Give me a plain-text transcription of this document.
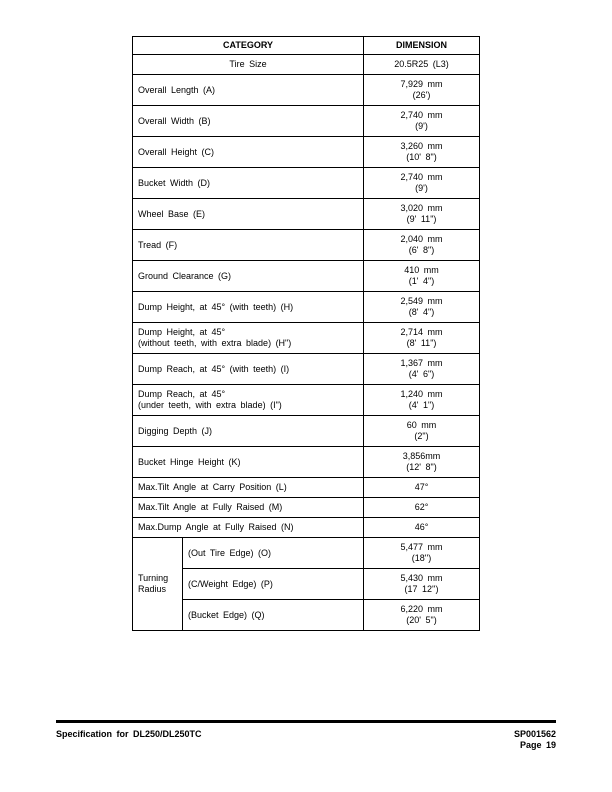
CATEGORY		DIMENSION
Tire Size		20.5R25 (L3)
Overall Length (A)		7,929 mm
(26')

Overall Width (B)		2,740 mm
(9')

Overall Height (C)		3,260 mm
(10' 8")

Bucket Width (D)		2,740 mm
(9')

Wheel Base (E)		3,020 mm
(9' 11")

Tread (F)		2,040 mm
(6' 8")

Ground Clearance (G)		410 mm
(1' 4")

Dump Height, at 45° (with teeth) (H)		2,549 mm
(8' 4")

Dump Height, at 45°
(without teeth, with extra blade) (H")		2,714 mm
(8' 11")

Dump Reach, at 45° (with teeth) (I)		1,367 mm
(4' 6")

Dump Reach, at 45°
(under teeth, with extra blade) (I")		1,240 mm
(4' 1")

Digging Depth (J)		60 mm
(2")

Bucket Hinge Height (K)		3,856mm
(12' 8")

Max.Tilt Angle at Carry Position (L)		47°
Max.Tilt Angle at Fully Raised (M)		62°
Max.Dump Angle at Fully Raised (N)		46°

Turning
Radius	(Out Tire Edge) (O)	5,477 mm
(18'')

	(C/Weight Edge) (P)	5,430 mm
(17 12'')

	(Bucket Edge) (Q)	6,220 mm
(20' 5")
Specification for DL250/DL250TC	SP001562
Page 19
